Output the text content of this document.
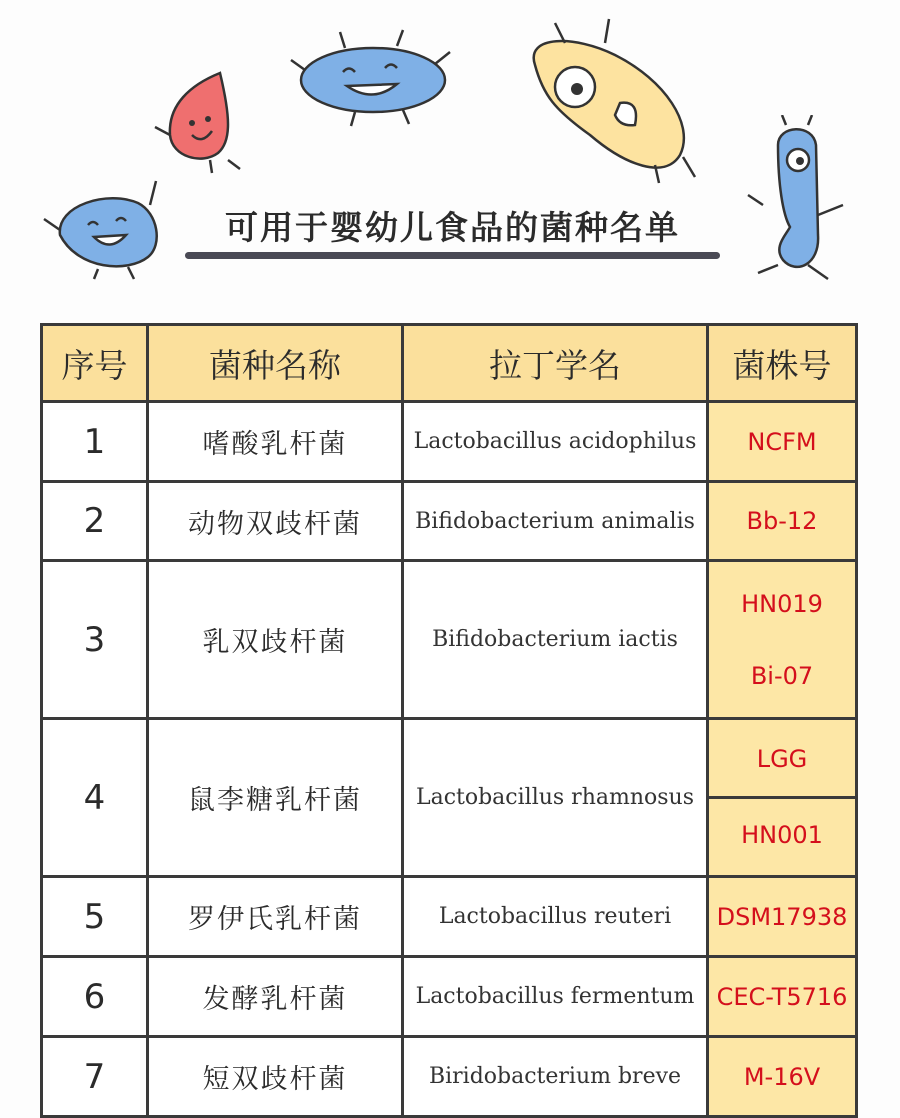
可用于婴幼儿食品的菌种名单
序号	菌种名称	拉丁学名	菌株号
1	嗜酸乳杆菌	Lactobacillus acidophilus	NCFM
2	动物双歧杆菌	Bifidobacterium animalis	Bb-12
3	乳双歧杆菌	Bifidobacterium iactis	HN019
Bi-07

4	鼠李糖乳杆菌	Lactobacillus rhamnosus	LGG
HN001

5	罗伊氏乳杆菌	Lactobacillus reuteri	DSM17938
6	发酵乳杆菌	Lactobacillus fermentum	CEC-T5716
7	短双歧杆菌	Biridobacterium breve	M-16V
